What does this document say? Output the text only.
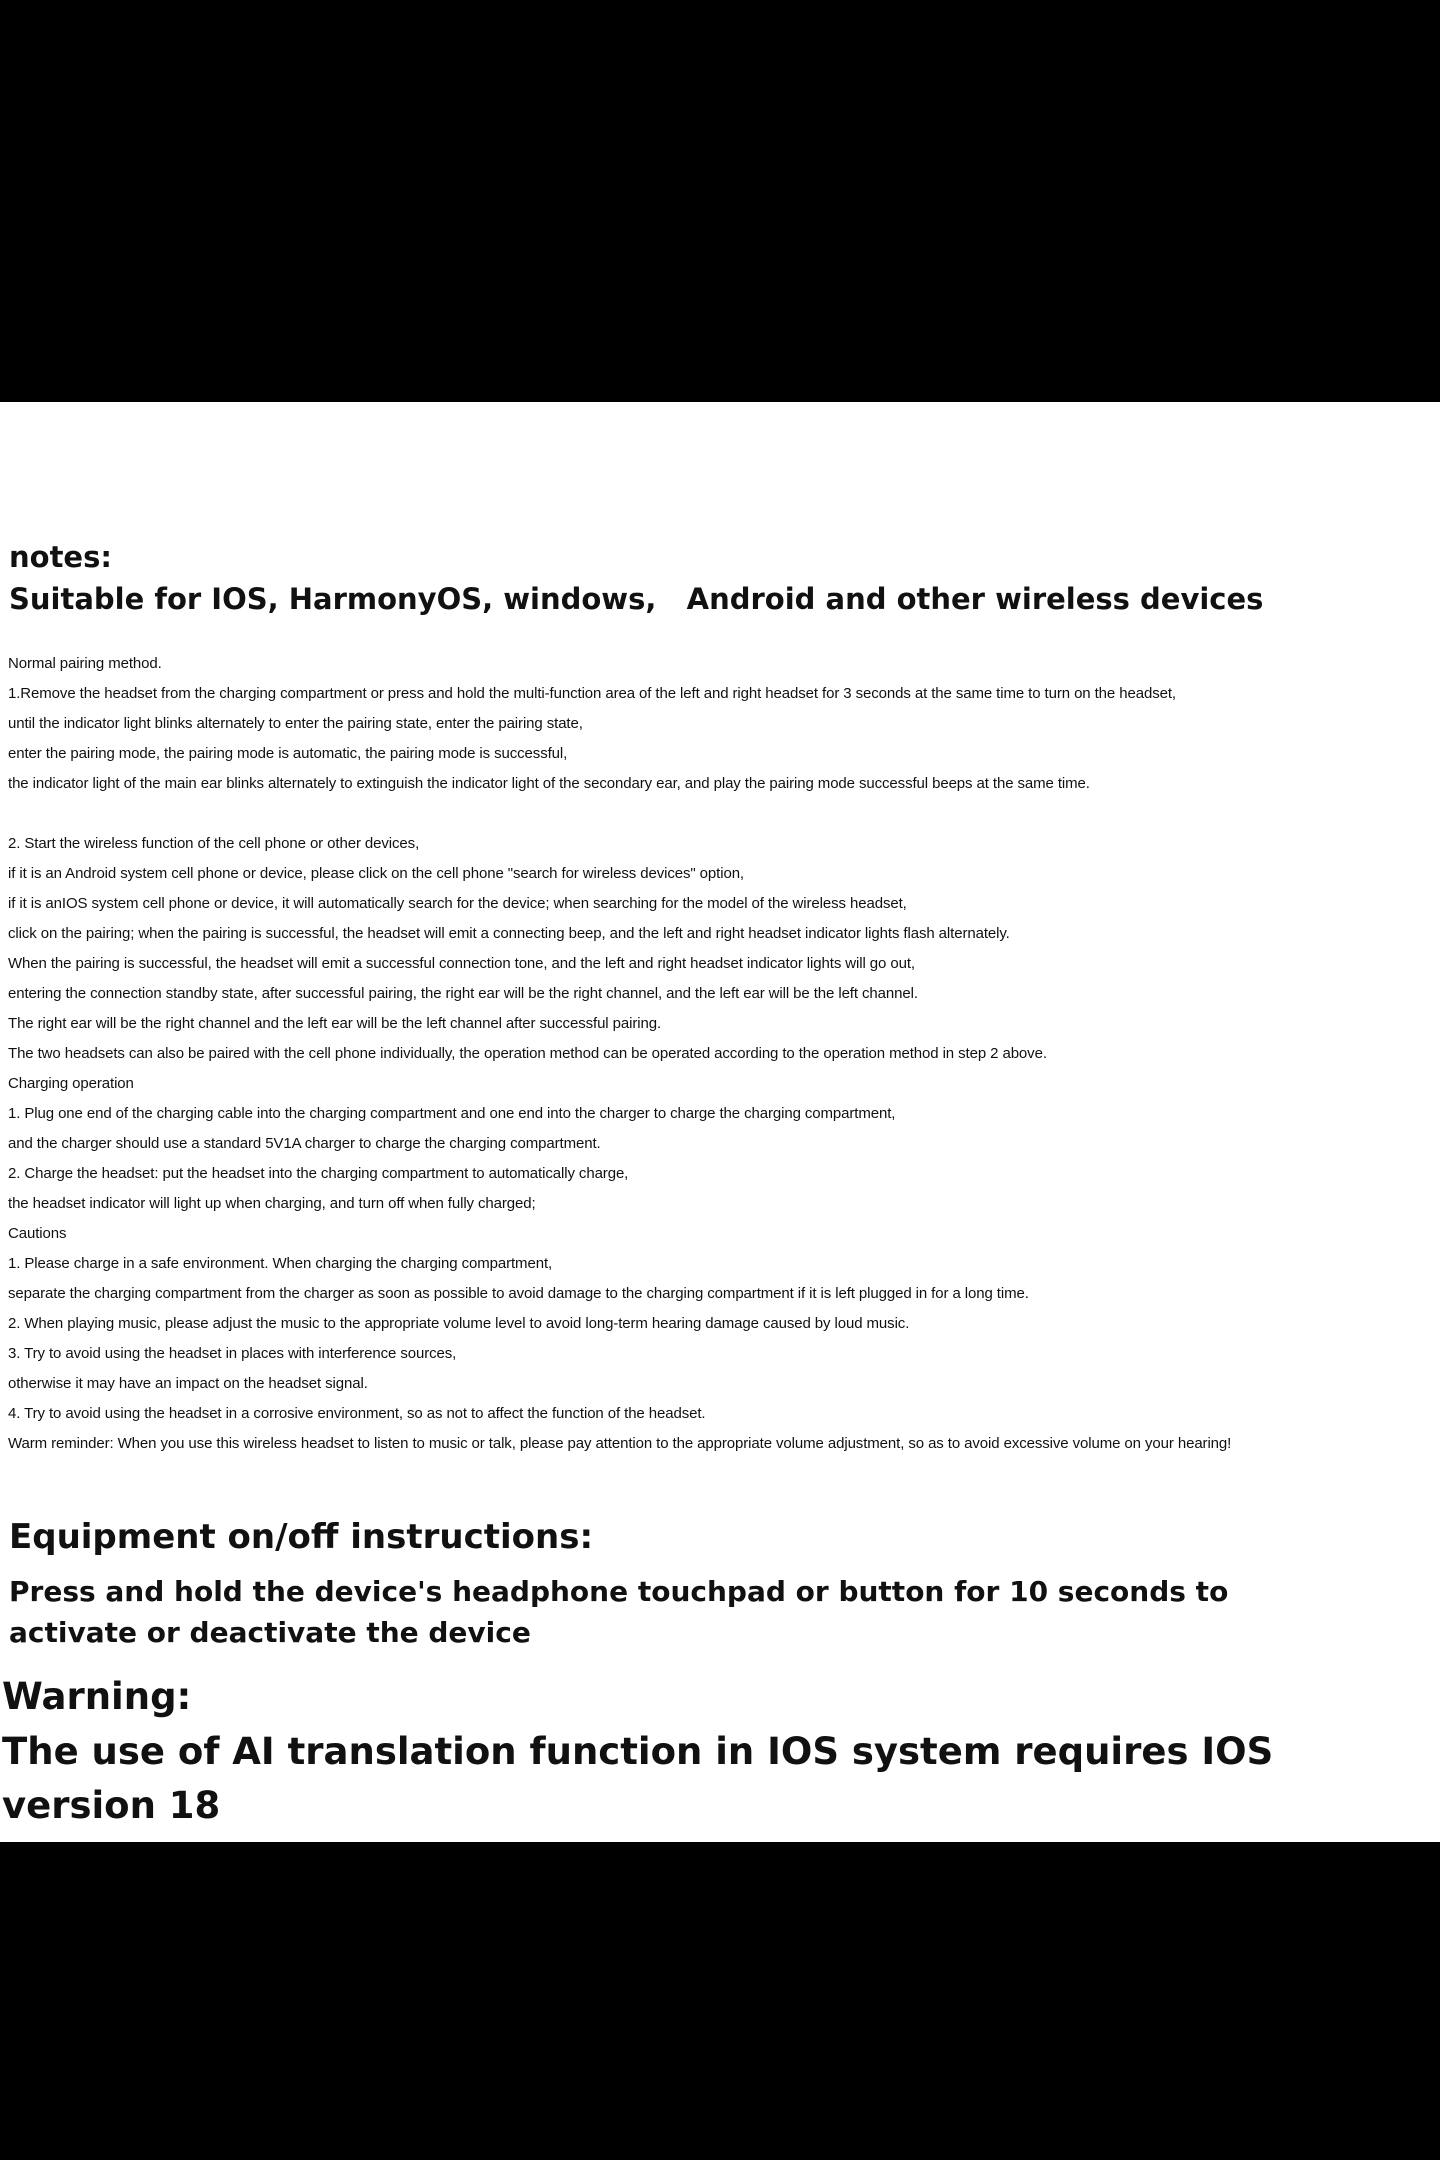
notes:
Suitable for IOS, HarmonyOS, windows,   Android and other wireless devices

Normal pairing method.

1.Remove the headset from the charging compartment or press and hold the multi-function area of the left and right headset for 3 seconds at the same time to turn on the headset,

until the indicator light blinks alternately to enter the pairing state, enter the pairing state,

enter the pairing mode, the pairing mode is automatic, the pairing mode is successful,

the indicator light of the main ear blinks alternately to extinguish the indicator light of the secondary ear, and play the pairing mode successful beeps at the same time.

2. Start the wireless function of the cell phone or other devices,

if it is an Android system cell phone or device, please click on the cell phone "search for wireless devices" option,

if it is anIOS system cell phone or device, it will automatically search for the device; when searching for the model of the wireless headset,

click on the pairing; when the pairing is successful, the headset will emit a connecting beep, and the left and right headset indicator lights flash alternately.

When the pairing is successful, the headset will emit a successful connection tone, and the left and right headset indicator lights will go out,

entering the connection standby state, after successful pairing, the right ear will be the right channel, and the left ear will be the left channel.

The right ear will be the right channel and the left ear will be the left channel after successful pairing.

The two headsets can also be paired with the cell phone individually, the operation method can be operated according to the operation method in step 2 above.

Charging operation

1. Plug one end of the charging cable into the charging compartment and one end into the charger to charge the charging compartment,

and the charger should use a standard 5V1A charger to charge the charging compartment.

2. Charge the headset: put the headset into the charging compartment to automatically charge,

the headset indicator will light up when charging, and turn off when fully charged;

Cautions

1. Please charge in a safe environment. When charging the charging compartment,

separate the charging compartment from the charger as soon as possible to avoid damage to the charging compartment if it is left plugged in for a long time.

2. When playing music, please adjust the music to the appropriate volume level to avoid long-term hearing damage caused by loud music.

3. Try to avoid using the headset in places with interference sources,

otherwise it may have an impact on the headset signal.

4. Try to avoid using the headset in a corrosive environment, so as not to affect the function of the headset.

Warm reminder: When you use this wireless headset to listen to music or talk, please pay attention to the appropriate volume adjustment, so as to avoid excessive volume on your hearing!

Equipment on/off instructions:
Press and hold the device's headphone touchpad or button for 10 seconds to
activate or deactivate the device
Warning:
The use of AI translation function in IOS system requires IOS version 18
